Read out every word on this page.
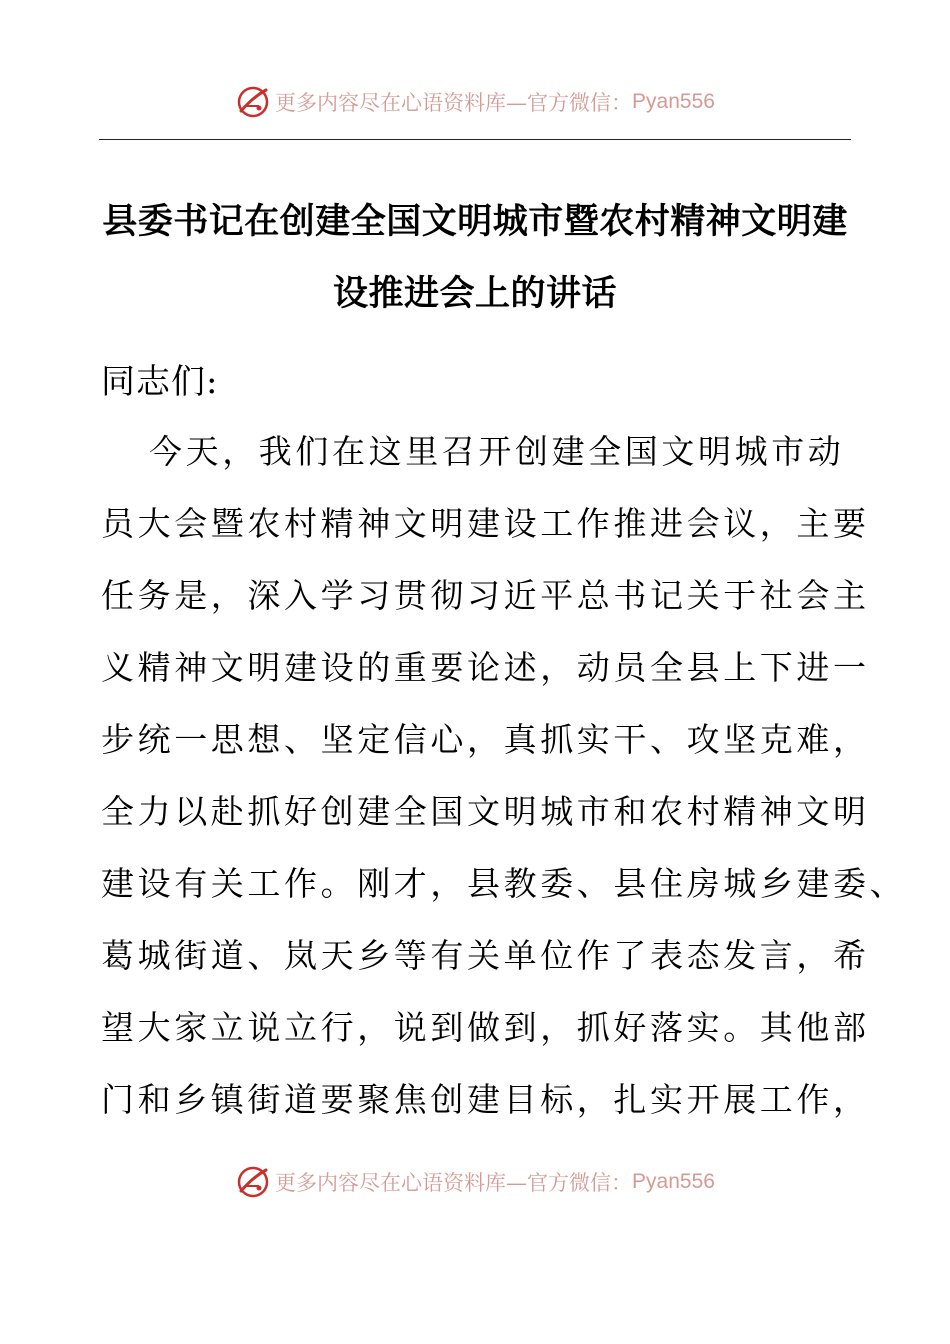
更多内容尽在心语资料库—官方微信： Pyan556
县委书记在创建全国文明城市暨农村精神文明建
设推进会上的讲话
同志们:
今天，我们在这里召开创建全国文明城市动
员大会暨农村精神文明建设工作推进会议，主要
任务是，深入学习贯彻习近平总书记关于社会主
义精神文明建设的重要论述，动员全县上下进一
步统一思想、坚定信心，真抓实干、攻坚克难，
全力以赴抓好创建全国文明城市和农村精神文明
建设有关工作。刚才，县教委、县住房城乡建委、
葛城街道、岚天乡等有关单位作了表态发言，希
望大家立说立行，说到做到，抓好落实。其他部
门和乡镇街道要聚焦创建目标，扎实开展工作，
更多内容尽在心语资料库—官方微信： Pyan556
